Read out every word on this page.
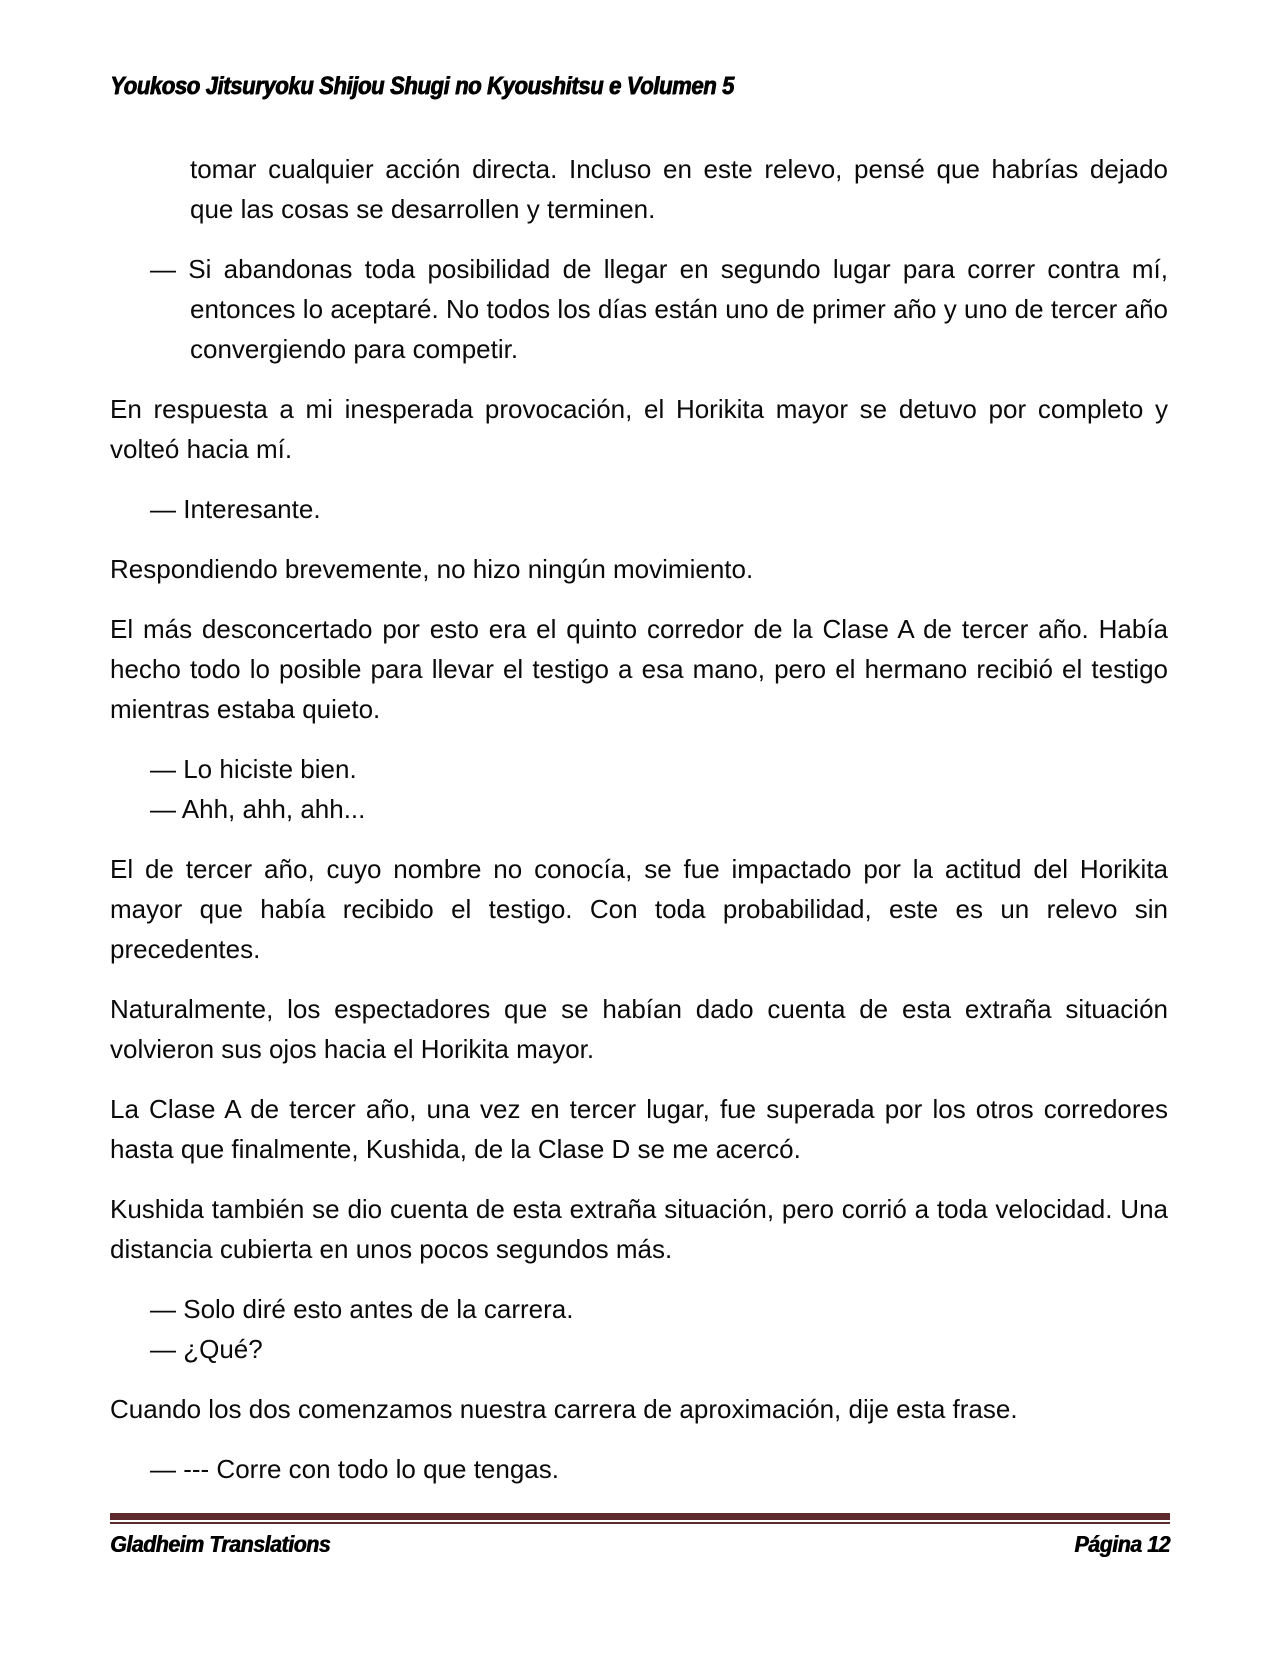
Youkoso Jitsuryoku Shijou Shugi no Kyoushitsu e Volumen 5

tomar cualquier acción directa. Incluso en este relevo, pensé que habrías dejado que las cosas se desarrollen y terminen.

— Si abandonas toda posibilidad de llegar en segundo lugar para correr contra mí, entonces lo aceptaré. No todos los días están uno de primer año y uno de tercer año convergiendo para competir.

En respuesta a mi inesperada provocación, el Horikita mayor se detuvo por completo y volteó hacia mí.

— Interesante.

Respondiendo brevemente, no hizo ningún movimiento.

El más desconcertado por esto era el quinto corredor de la Clase A de tercer año. Había hecho todo lo posible para llevar el testigo a esa mano, pero el hermano recibió el testigo mientras estaba quieto.

— Lo hiciste bien.

— Ahh, ahh, ahh...

El de tercer año, cuyo nombre no conocía, se fue impactado por la actitud del Horikita mayor que había recibido el testigo. Con toda probabilidad, este es un relevo sin precedentes.

Naturalmente, los espectadores que se habían dado cuenta de esta extraña situación volvieron sus ojos hacia el Horikita mayor.

La Clase A de tercer año, una vez en tercer lugar, fue superada por los otros corredores hasta que finalmente, Kushida, de la Clase D se me acercó.

Kushida también se dio cuenta de esta extraña situación, pero corrió a toda velocidad. Una distancia cubierta en unos pocos segundos más.

— Solo diré esto antes de la carrera.

— ¿Qué?

Cuando los dos comenzamos nuestra carrera de aproximación, dije esta frase.

— --- Corre con todo lo que tengas.

Gladheim Translations	Página 12
